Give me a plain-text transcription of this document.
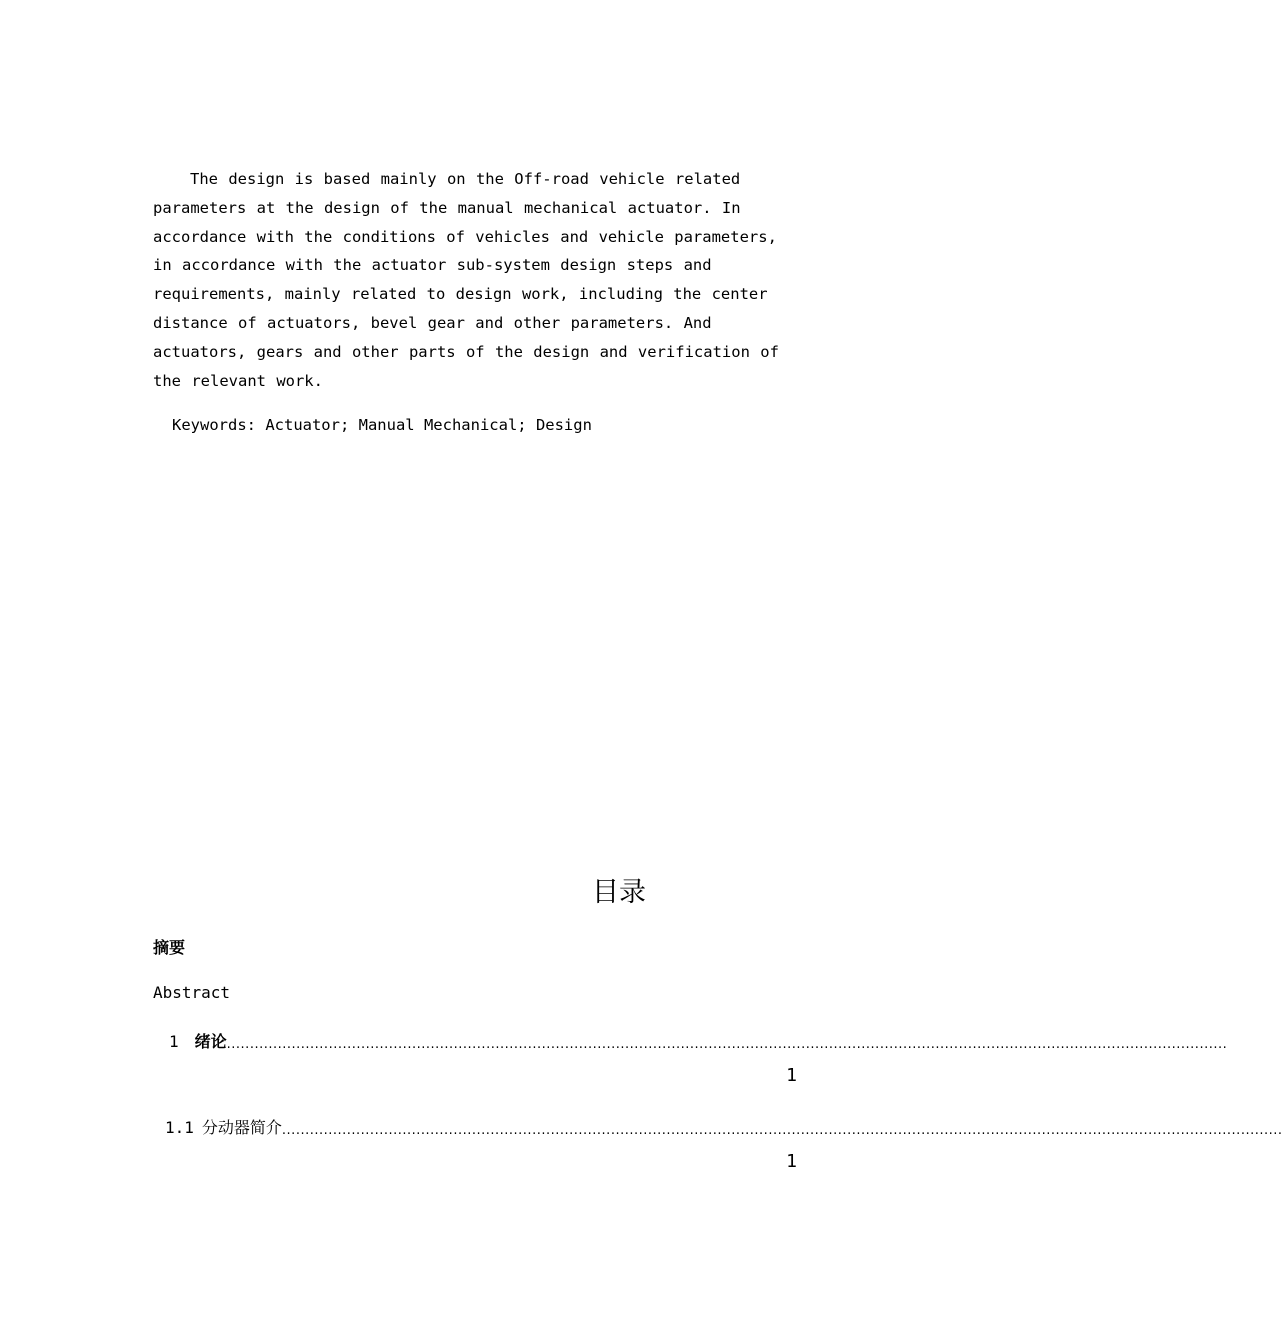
The design is based mainly on the Off-road vehicle related parameters at the design of the manual mechanical actuator. In accordance with the conditions of vehicles and vehicle parameters, in accordance with the actuator sub-system design steps and requirements, mainly related to design work, including the center distance of actuators, bevel gear and other parameters. And actuators, gears and other parts of the design and verification of the relevant work.

Keywords: Actuator; Manual Mechanical; Design

目录
摘要
Abstract
1 绪论 ........................................................................................................................................................................................................................
1
1.1 分动器简介 ........................................................................................................................................................................................................................
1
